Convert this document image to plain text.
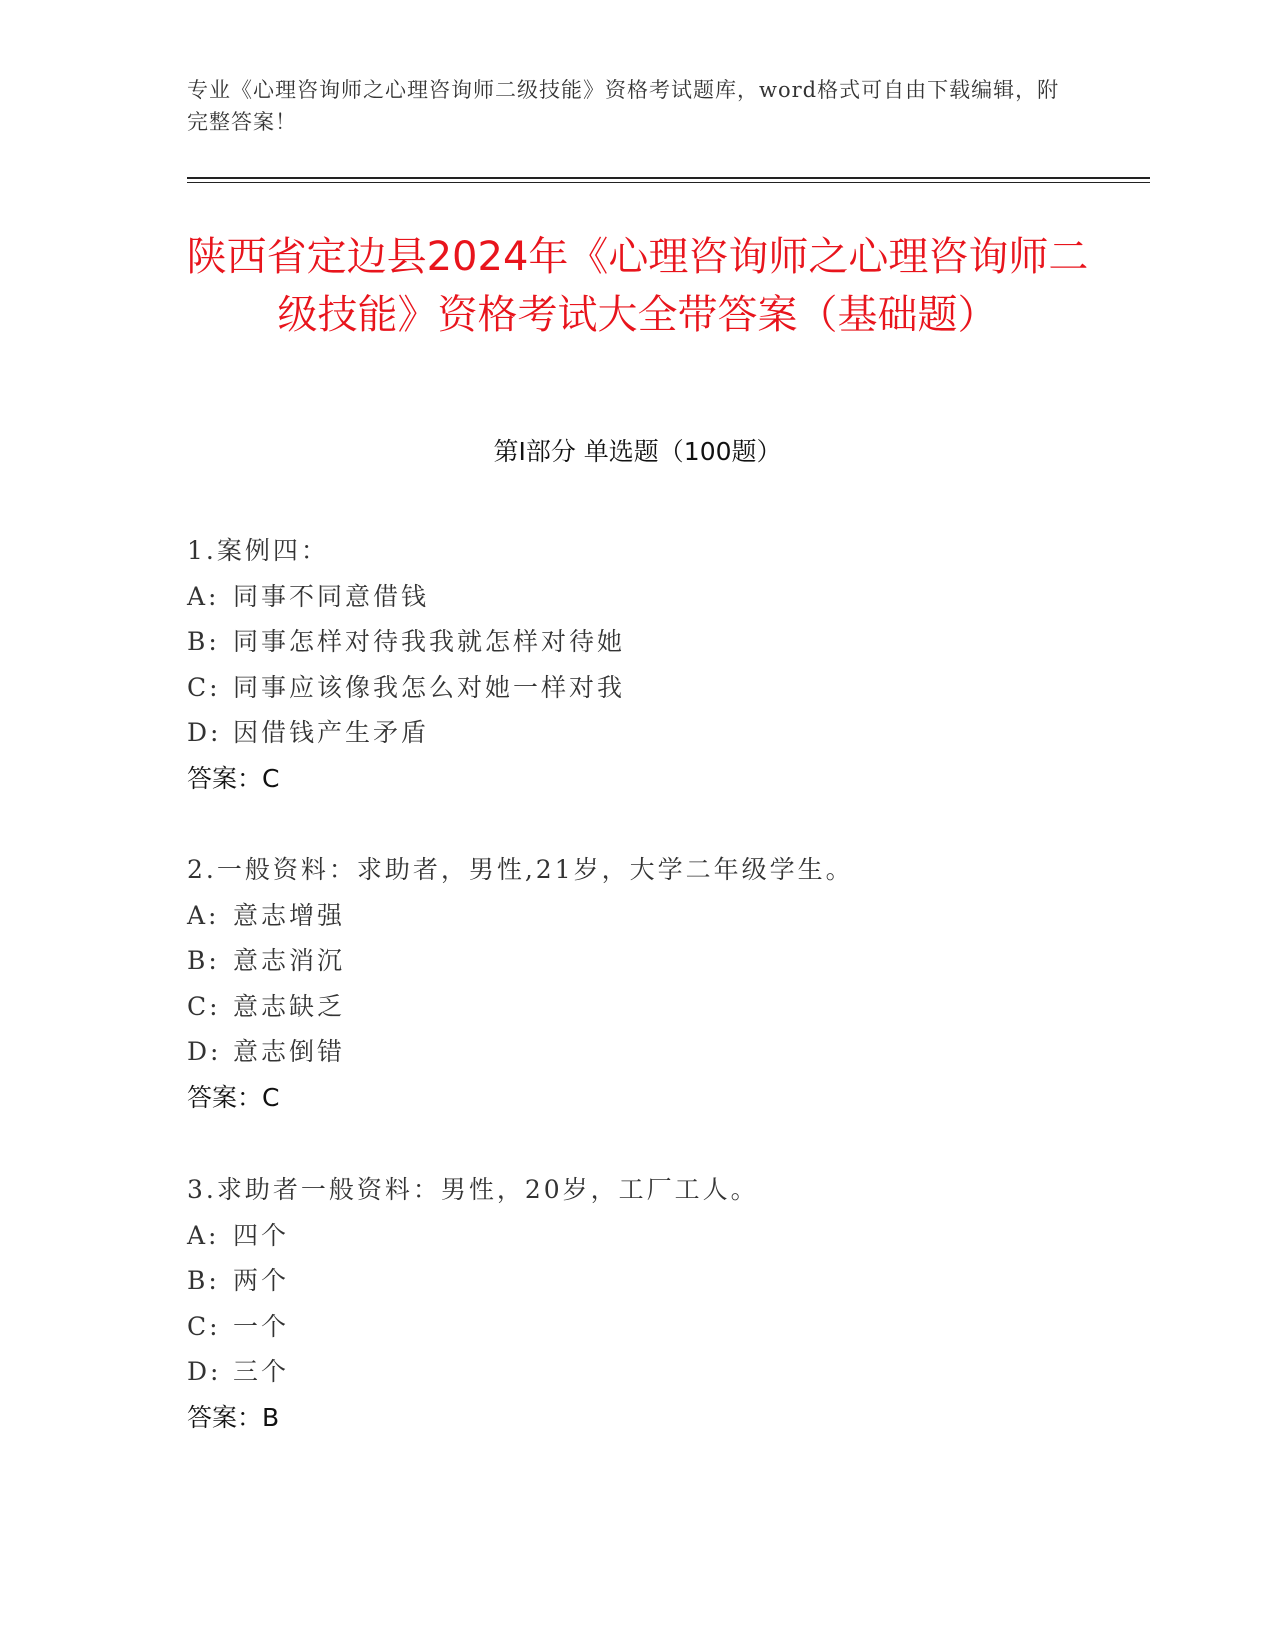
专业《心理咨询师之心理咨询师二级技能》资格考试题库，word格式可自由下载编辑，附完整答案！
陕西省定边县2024年《心理咨询师之心理咨询师二级技能》资格考试大全带答案（基础题）
第Ⅰ部分 单选题（100题）
1.案例四：
A: 同事不同意借钱
B: 同事怎样对待我我就怎样对待她
C: 同事应该像我怎么对她一样对我
D: 因借钱产生矛盾
答案：C
2.一般资料：求助者，男性,21岁，大学二年级学生。
A: 意志增强
B: 意志消沉
C: 意志缺乏
D: 意志倒错
答案：C
3.求助者一般资料：男性，20岁，工厂工人。
A: 四个
B: 两个
C: 一个
D: 三个
答案：B
